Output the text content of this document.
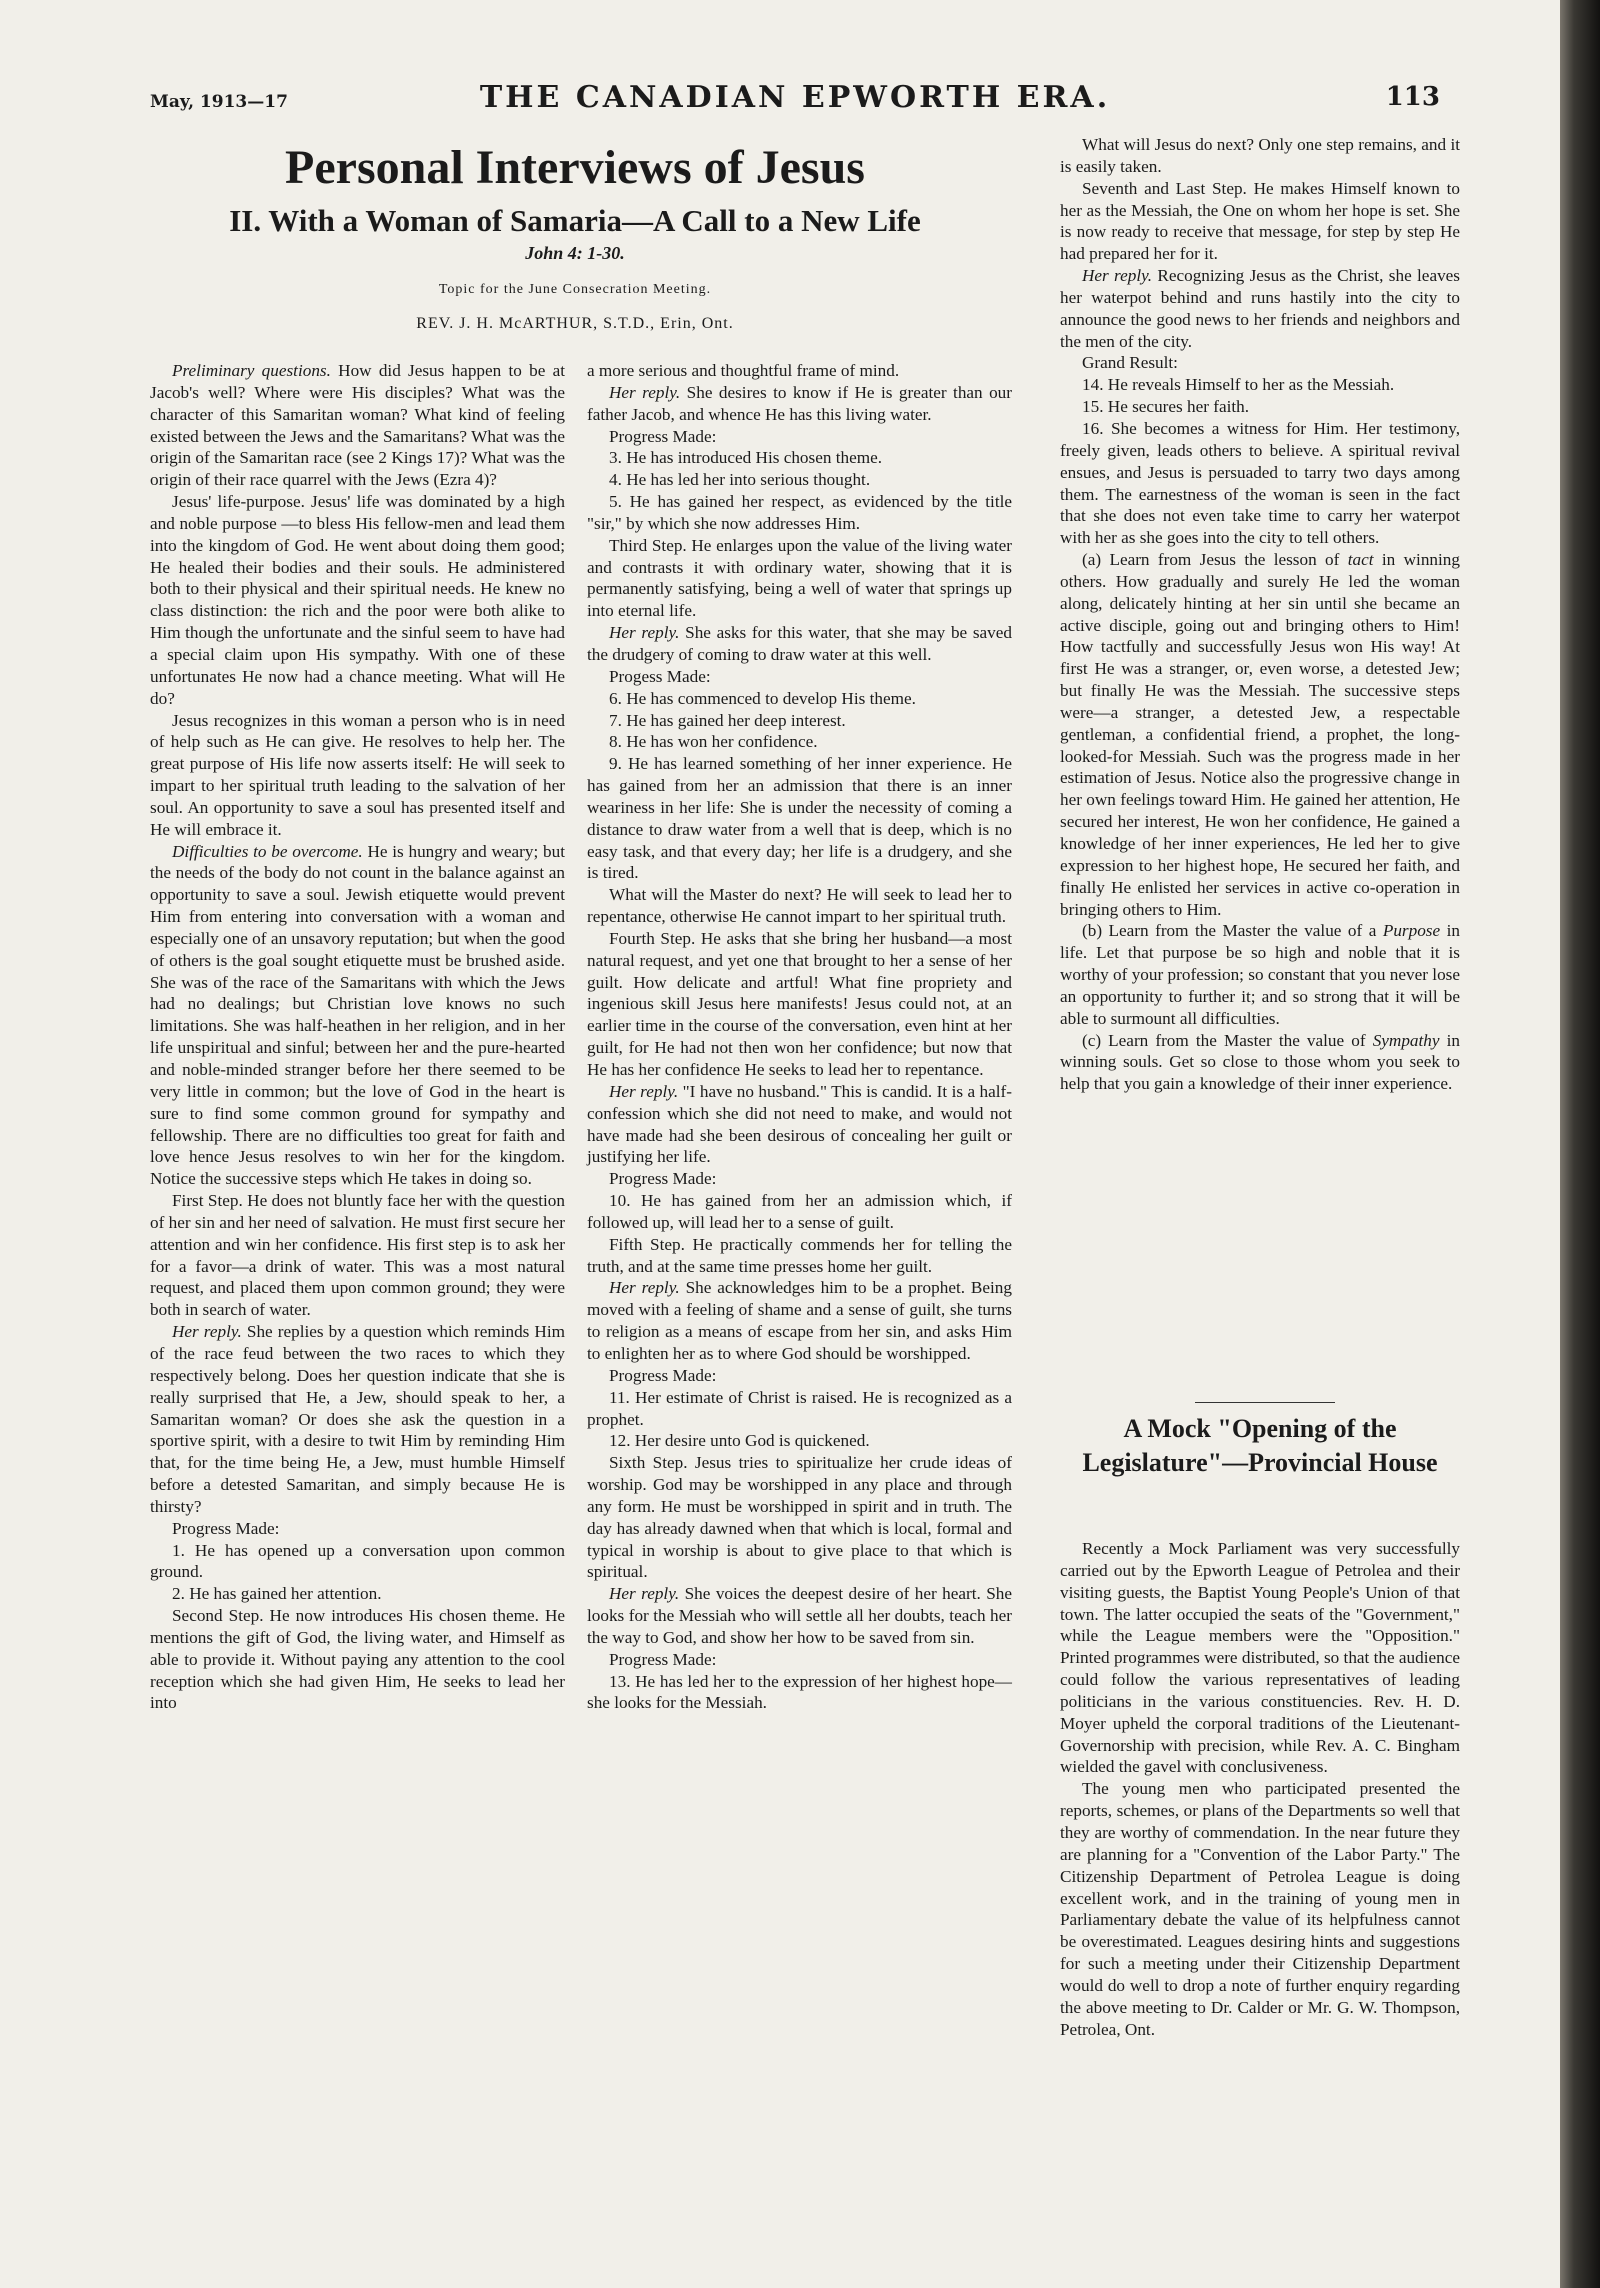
May, 1913—17	THE CANADIAN EPWORTH ERA.	113

Personal Interviews of Jesus

II. With a Woman of Samaria—A Call to a New Life

John 4: 1-30.

Topic for the June Consecration Meeting.

REV. J. H. McARTHUR, S.T.D., Erin, Ont.

Preliminary questions. How did Jesus happen to be at Jacob's well? Where were His disciples? What was the character of this Samaritan woman? What kind of feeling existed between the Jews and the Samaritans? What was the origin of the Samaritan race (see 2 Kings 17)? What was the origin of their race quarrel with the Jews (Ezra 4)?

Jesus' life-purpose. Jesus' life was dominated by a high and noble purpose —to bless His fellow-men and lead them into the kingdom of God. He went about doing them good; He healed their bodies and their souls. He administered both to their physical and their spiritual needs. He knew no class distinction: the rich and the poor were both alike to Him though the unfortunate and the sinful seem to have had a special claim upon His sympathy. With one of these unfortunates He now had a chance meeting. What will He do?

Jesus recognizes in this woman a person who is in need of help such as He can give. He resolves to help her. The great purpose of His life now asserts itself: He will seek to impart to her spiritual truth leading to the salvation of her soul. An opportunity to save a soul has presented itself and He will embrace it.

Difficulties to be overcome. He is hungry and weary; but the needs of the body do not count in the balance against an opportunity to save a soul. Jewish etiquette would prevent Him from entering into conversation with a woman and especially one of an unsavory reputation; but when the good of others is the goal sought etiquette must be brushed aside. She was of the race of the Samaritans with which the Jews had no dealings; but Christian love knows no such limitations. She was half-heathen in her religion, and in her life unspiritual and sinful; between her and the pure-hearted and noble-minded stranger before her there seemed to be very little in common; but the love of God in the heart is sure to find some common ground for sympathy and fellowship. There are no difficulties too great for faith and love hence Jesus resolves to win her for the kingdom. Notice the successive steps which He takes in doing so.

First Step. He does not bluntly face her with the question of her sin and her need of salvation. He must first secure her attention and win her confidence. His first step is to ask her for a favor—a drink of water. This was a most natural request, and placed them upon common ground; they were both in search of water.

Her reply. She replies by a question which reminds Him of the race feud between the two races to which they respectively belong. Does her question indicate that she is really surprised that He, a Jew, should speak to her, a Samaritan woman? Or does she ask the question in a sportive spirit, with a desire to twit Him by reminding Him that, for the time being He, a Jew, must humble Himself before a detested Samaritan, and simply because He is thirsty?

Progress Made:

1. He has opened up a conversation upon common ground.

2. He has gained her attention.

Second Step. He now introduces His chosen theme. He mentions the gift of God, the living water, and Himself as able to provide it. Without paying any attention to the cool reception which she had given Him, He seeks to lead her into

a more serious and thoughtful frame of mind.

Her reply. She desires to know if He is greater than our father Jacob, and whence He has this living water.

Progress Made:

3. He has introduced His chosen theme.

4. He has led her into serious thought.

5. He has gained her respect, as evidenced by the title "sir," by which she now addresses Him.

Third Step. He enlarges upon the value of the living water and contrasts it with ordinary water, showing that it is permanently satisfying, being a well of water that springs up into eternal life.

Her reply. She asks for this water, that she may be saved the drudgery of coming to draw water at this well.

Progess Made:

6. He has commenced to develop His theme.

7. He has gained her deep interest.

8. He has won her confidence.

9. He has learned something of her inner experience. He has gained from her an admission that there is an inner weariness in her life: She is under the necessity of coming a distance to draw water from a well that is deep, which is no easy task, and that every day; her life is a drudgery, and she is tired.

What will the Master do next? He will seek to lead her to repentance, otherwise He cannot impart to her spiritual truth.

Fourth Step. He asks that she bring her husband—a most natural request, and yet one that brought to her a sense of her guilt. How delicate and artful! What fine propriety and ingenious skill Jesus here manifests! Jesus could not, at an earlier time in the course of the conversation, even hint at her guilt, for He had not then won her confidence; but now that He has her confidence He seeks to lead her to repentance.

Her reply. "I have no husband." This is candid. It is a half-confession which she did not need to make, and would not have made had she been desirous of concealing her guilt or justifying her life.

Progress Made:

10. He has gained from her an admission which, if followed up, will lead her to a sense of guilt.

Fifth Step. He practically commends her for telling the truth, and at the same time presses home her guilt.

Her reply. She acknowledges him to be a prophet. Being moved with a feeling of shame and a sense of guilt, she turns to religion as a means of escape from her sin, and asks Him to enlighten her as to where God should be worshipped.

Progress Made:

11. Her estimate of Christ is raised. He is recognized as a prophet.

12. Her desire unto God is quickened.

Sixth Step. Jesus tries to spiritualize her crude ideas of worship. God may be worshipped in any place and through any form. He must be worshipped in spirit and in truth. The day has already dawned when that which is local, formal and typical in worship is about to give place to that which is spiritual.

Her reply. She voices the deepest desire of her heart. She looks for the Messiah who will settle all her doubts, teach her the way to God, and show her how to be saved from sin.

Progress Made:

13. He has led her to the expression of her highest hope—she looks for the Messiah.

What will Jesus do next? Only one step remains, and it is easily taken.

Seventh and Last Step. He makes Himself known to her as the Messiah, the One on whom her hope is set. She is now ready to receive that message, for step by step He had prepared her for it.

Her reply. Recognizing Jesus as the Christ, she leaves her waterpot behind and runs hastily into the city to announce the good news to her friends and neighbors and the men of the city.

Grand Result:

14. He reveals Himself to her as the Messiah.

15. He secures her faith.

16. She becomes a witness for Him. Her testimony, freely given, leads others to believe. A spiritual revival ensues, and Jesus is persuaded to tarry two days among them. The earnestness of the woman is seen in the fact that she does not even take time to carry her waterpot with her as she goes into the city to tell others.

(a) Learn from Jesus the lesson of tact in winning others. How gradually and surely He led the woman along, delicately hinting at her sin until she became an active disciple, going out and bringing others to Him! How tactfully and successfully Jesus won His way! At first He was a stranger, or, even worse, a detested Jew; but finally He was the Messiah. The successive steps were—a stranger, a detested Jew, a respectable gentleman, a confidential friend, a prophet, the long-looked-for Messiah. Such was the progress made in her estimation of Jesus. Notice also the progressive change in her own feelings toward Him. He gained her attention, He secured her interest, He won her confidence, He gained a knowledge of her inner experiences, He led her to give expression to her highest hope, He secured her faith, and finally He enlisted her services in active co-operation in bringing others to Him.

(b) Learn from the Master the value of a Purpose in life. Let that purpose be so high and noble that it is worthy of your profession; so constant that you never lose an opportunity to further it; and so strong that it will be able to surmount all difficulties.

(c) Learn from the Master the value of Sympathy in winning souls. Get so close to those whom you seek to help that you gain a knowledge of their inner experience.

A Mock "Opening of the Legislature"—Provincial House

Recently a Mock Parliament was very successfully carried out by the Epworth League of Petrolea and their visiting guests, the Baptist Young People's Union of that town. The latter occupied the seats of the "Government," while the League members were the "Opposition." Printed programmes were distributed, so that the audience could follow the various representatives of leading politicians in the various constituencies. Rev. H. D. Moyer upheld the corporal traditions of the Lieutenant-Governorship with precision, while Rev. A. C. Bingham wielded the gavel with conclusiveness.

The young men who participated presented the reports, schemes, or plans of the Departments so well that they are worthy of commendation. In the near future they are planning for a "Convention of the Labor Party." The Citizenship Department of Petrolea League is doing excellent work, and in the training of young men in Parliamentary debate the value of its helpfulness cannot be overestimated. Leagues desiring hints and suggestions for such a meeting under their Citizenship Department would do well to drop a note of further enquiry regarding the above meeting to Dr. Calder or Mr. G. W. Thompson, Petrolea, Ont.
